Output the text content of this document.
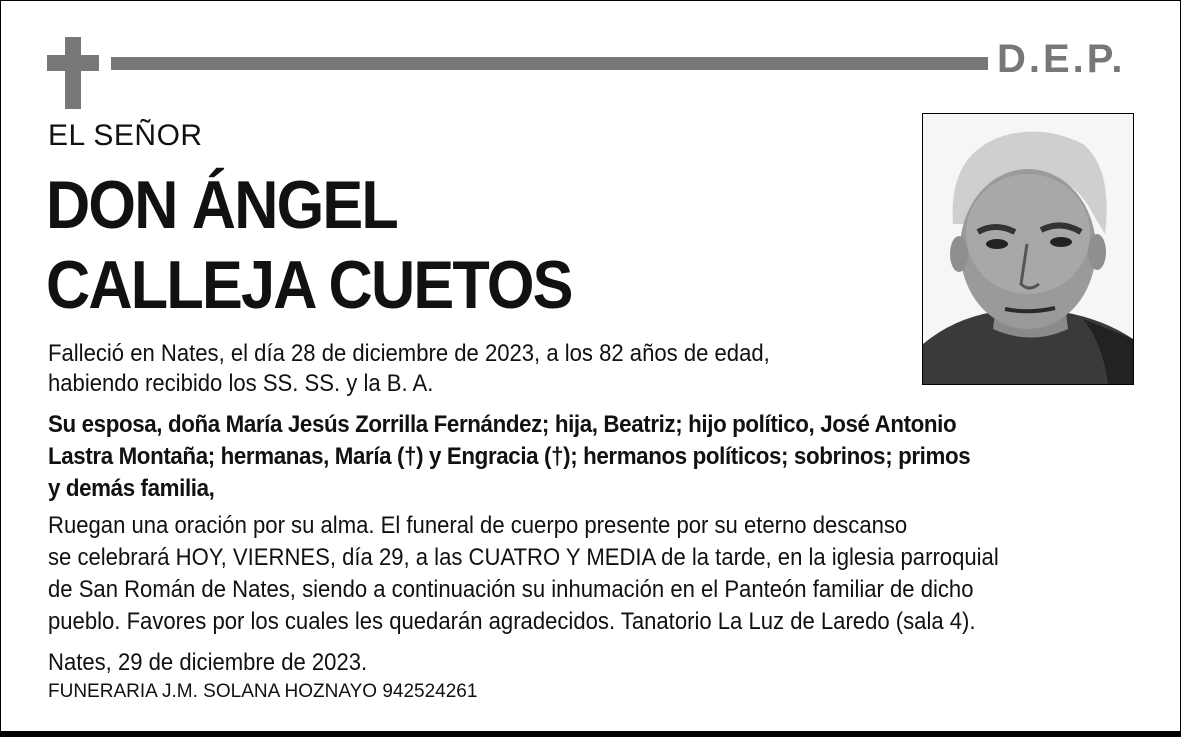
D.E.P.
EL SEÑOR
DON ÁNGEL
CALLEJA CUETOS
Falleció en Nates, el día 28 de diciembre de 2023, a los 82 años de edad,
habiendo recibido los SS. SS. y la B. A.
Su esposa, doña María Jesús Zorrilla Fernández; hija, Beatriz; hijo político, José Antonio
Lastra Montaña; hermanas, María (†) y Engracia (†); hermanos políticos; sobrinos; primos
y demás familia,
Ruegan una oración por su alma. El funeral de cuerpo presente por su eterno descanso
se celebrará HOY, VIERNES, día 29, a las CUATRO Y MEDIA de la tarde, en la iglesia parroquial
de San Román de Nates, siendo a continuación su inhumación en el Panteón familiar de dicho
pueblo. Favores por los cuales les quedarán agradecidos. Tanatorio La Luz de Laredo (sala 4).
Nates, 29 de diciembre de 2023.
FUNERARIA J.M. SOLANA HOZNAYO 942524261
